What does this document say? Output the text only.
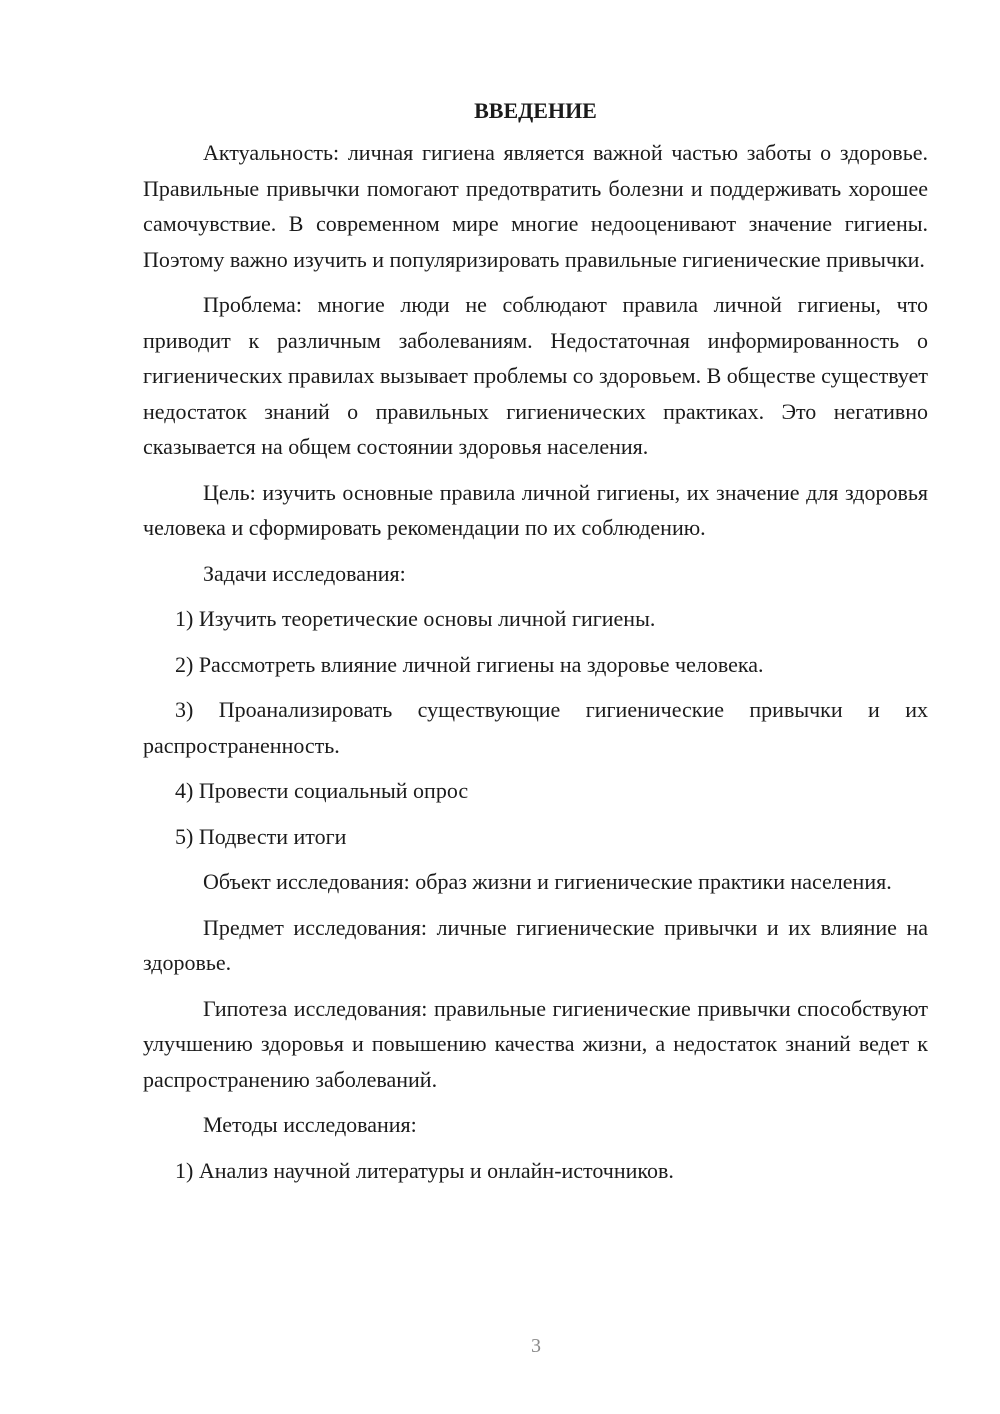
ВВЕДЕНИЕ

Актуальность: личная гигиена является важной частью заботы о здоровье. Правильные привычки помогают предотвратить болезни и поддерживать хорошее самочувствие. В современном мире многие недооценивают значение гигиены. Поэтому важно изучить и популяризировать правильные гигиенические привычки.

Проблема: многие люди не соблюдают правила личной гигиены, что приводит к различным заболеваниям. Недостаточная информированность о гигиенических правилах вызывает проблемы со здоровьем. В обществе существует недостаток знаний о правильных гигиенических практиках. Это негативно сказывается на общем состоянии здоровья населения.

Цель: изучить основные правила личной гигиены, их значение для здоровья человека и сформировать рекомендации по их соблюдению.

Задачи исследования:

1) Изучить теоретические основы личной гигиены.

2) Рассмотреть влияние личной гигиены на здоровье человека.

3) Проанализировать существующие гигиенические привычки и их распространенность.

4) Провести социальный опрос

5) Подвести итоги

Объект исследования: образ жизни и гигиенические практики населения.

Предмет исследования: личные гигиенические привычки и их влияние на здоровье.

Гипотеза исследования: правильные гигиенические привычки способствуют улучшению здоровья и повышению качества жизни, а недостаток знаний ведет к распространению заболеваний.

Методы исследования:

1) Анализ научной литературы и онлайн-источников.

3
